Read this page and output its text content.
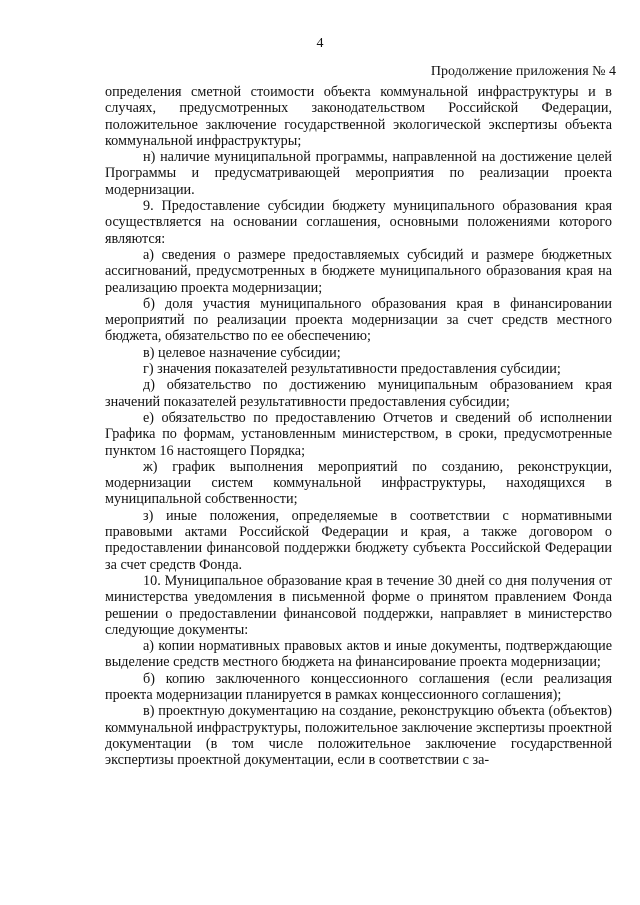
4
Продолжение приложения № 4

определения сметной стоимости объекта коммунальной инфраструктуры и в случаях, предусмотренных законодательством Российской Федерации, положительное заключение государственной экологической экспертизы объекта коммунальной инфраструктуры;

н) наличие муниципальной программы, направленной на достижение целей Программы и предусматривающей мероприятия по реализации проекта модернизации.

9. Предоставление субсидии бюджету муниципального образования края осуществляется на основании соглашения, основными положениями которого являются:

а) сведения о размере предоставляемых субсидий и размере бюджетных ассигнований, предусмотренных в бюджете муниципального образования края на реализацию проекта модернизации;

б) доля участия муниципального образования края в финансировании мероприятий по реализации проекта модернизации за счет средств местного бюджета, обязательство по ее обеспечению;

в) целевое назначение субсидии;

г) значения показателей результативности предоставления субсидии;

д) обязательство по достижению муниципальным образованием края значений показателей результативности предоставления субсидии;

е) обязательство по предоставлению Отчетов и сведений об исполнении Графика по формам, установленным министерством, в сроки, предусмотренные пунктом 16 настоящего Порядка;

ж) график выполнения мероприятий по созданию, реконструкции, модернизации систем коммунальной инфраструктуры, находящихся в муниципальной собственности;

з) иные положения, определяемые в соответствии с нормативными правовыми актами Российской Федерации и края, а также договором о предоставлении финансовой поддержки бюджету субъекта Российской Федерации за счет средств Фонда.

10. Муниципальное образование края в течение 30 дней со дня получения от министерства уведомления в письменной форме о принятом правлением Фонда решении о предоставлении финансовой поддержки, направляет в министерство следующие документы:

а) копии нормативных правовых актов и иные документы, подтверждающие выделение средств местного бюджета на финансирование проекта модернизации;

б) копию заключенного концессионного соглашения (если реализация проекта модернизации планируется в рамках концессионного соглашения);

в) проектную документацию на создание, реконструкцию объекта (объектов) коммунальной инфраструктуры, положительное заключение экспертизы проектной документации (в том числе положительное заключение государственной экспертизы проектной документации, если в соответствии с за-
